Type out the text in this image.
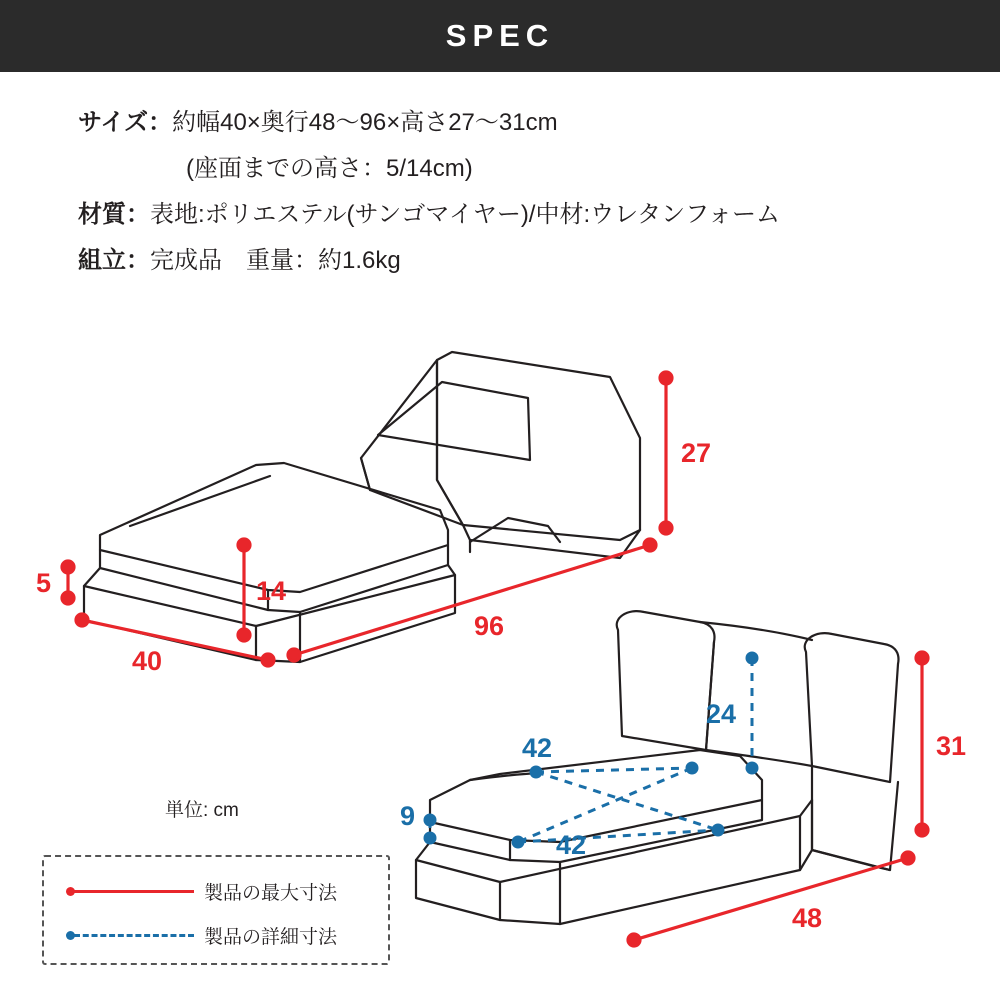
SPEC
サイズ：約幅40×奥行48〜96×高さ27〜31cm
(座面までの高さ：5/14cm)
材質：表地:ポリエステル(サンゴマイヤー)/中材:ウレタンフォーム
組立：完成品　重量：約1.6kg
27
14
5
40
96
24
42
42
9
31
48
単位: cm
製品の最大寸法
製品の詳細寸法
